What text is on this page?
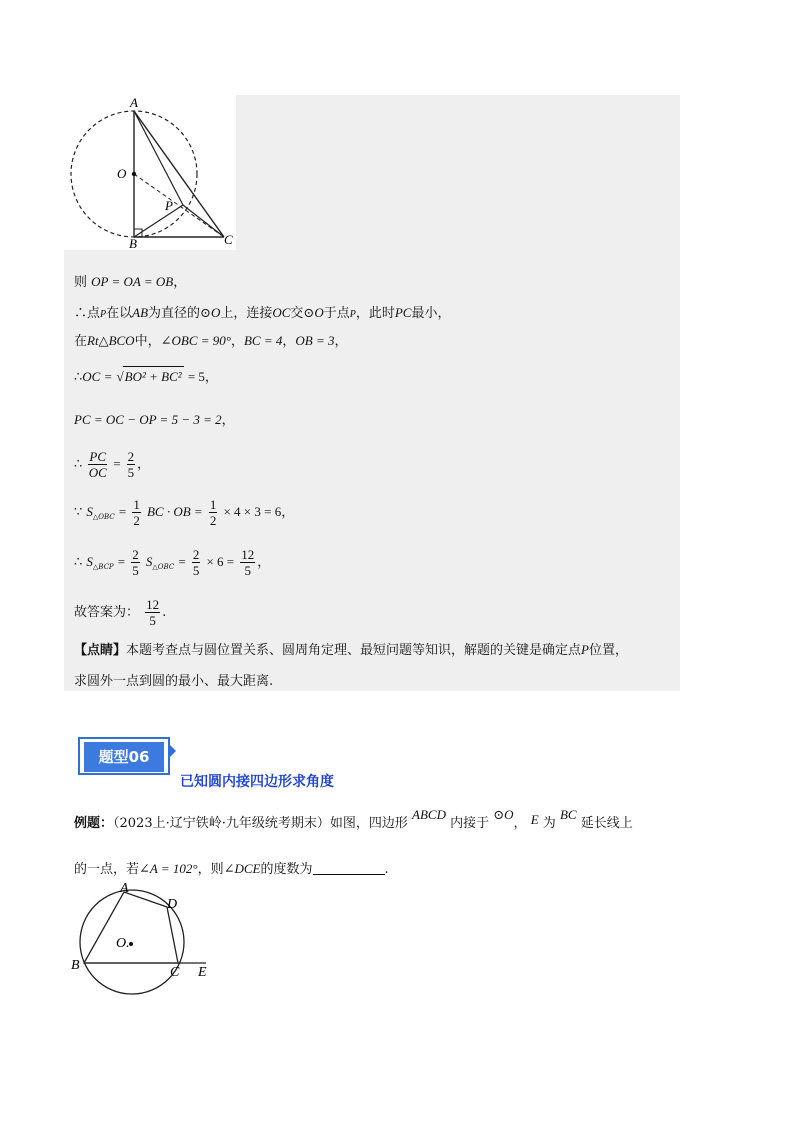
A
O
P
B	C
则 OP = OA = OB，
∴点P在以AB为直径的⊙O上，连接OC交⊙O于点P，此时PC最小，
在Rt△BCO中，∠OBC = 90°，BC = 4，OB = 3，
∴OC = √BO² + BC² = 5，
PC = OC − OP = 5 − 3 = 2，
∴ $\frac{PC}{OC} = \frac{2}{5}$ ，
∵ $S_{\triangle OBC} = \frac{1}{2}$ BC · OB = $\frac{1}{2} \times 4 \times 3 = 6$，
∴ $S_{\triangle BCP} = \frac{2}{5} S_{\triangle OBC} = \frac{2}{5} \times 6 = \frac{12}{5}$ ，
故答案为： $\frac{12}{5}$ .
【点睛】本题考查点与圆位置关系、圆周角定理、最短问题等知识，解题的关键是确定点P位置，
求圆外一点到圆的最小、最大距离.
题型06
已知圆内接四边形求角度
例题：（2023上·辽宁铁岭·九年级统考期末）如图，四边形 ABCD 内接于 ⊙O， E 为 BC 延长线上
的一点，若∠A = 102°，则∠DCE的度数为	.
A
D
O.
B	C E
